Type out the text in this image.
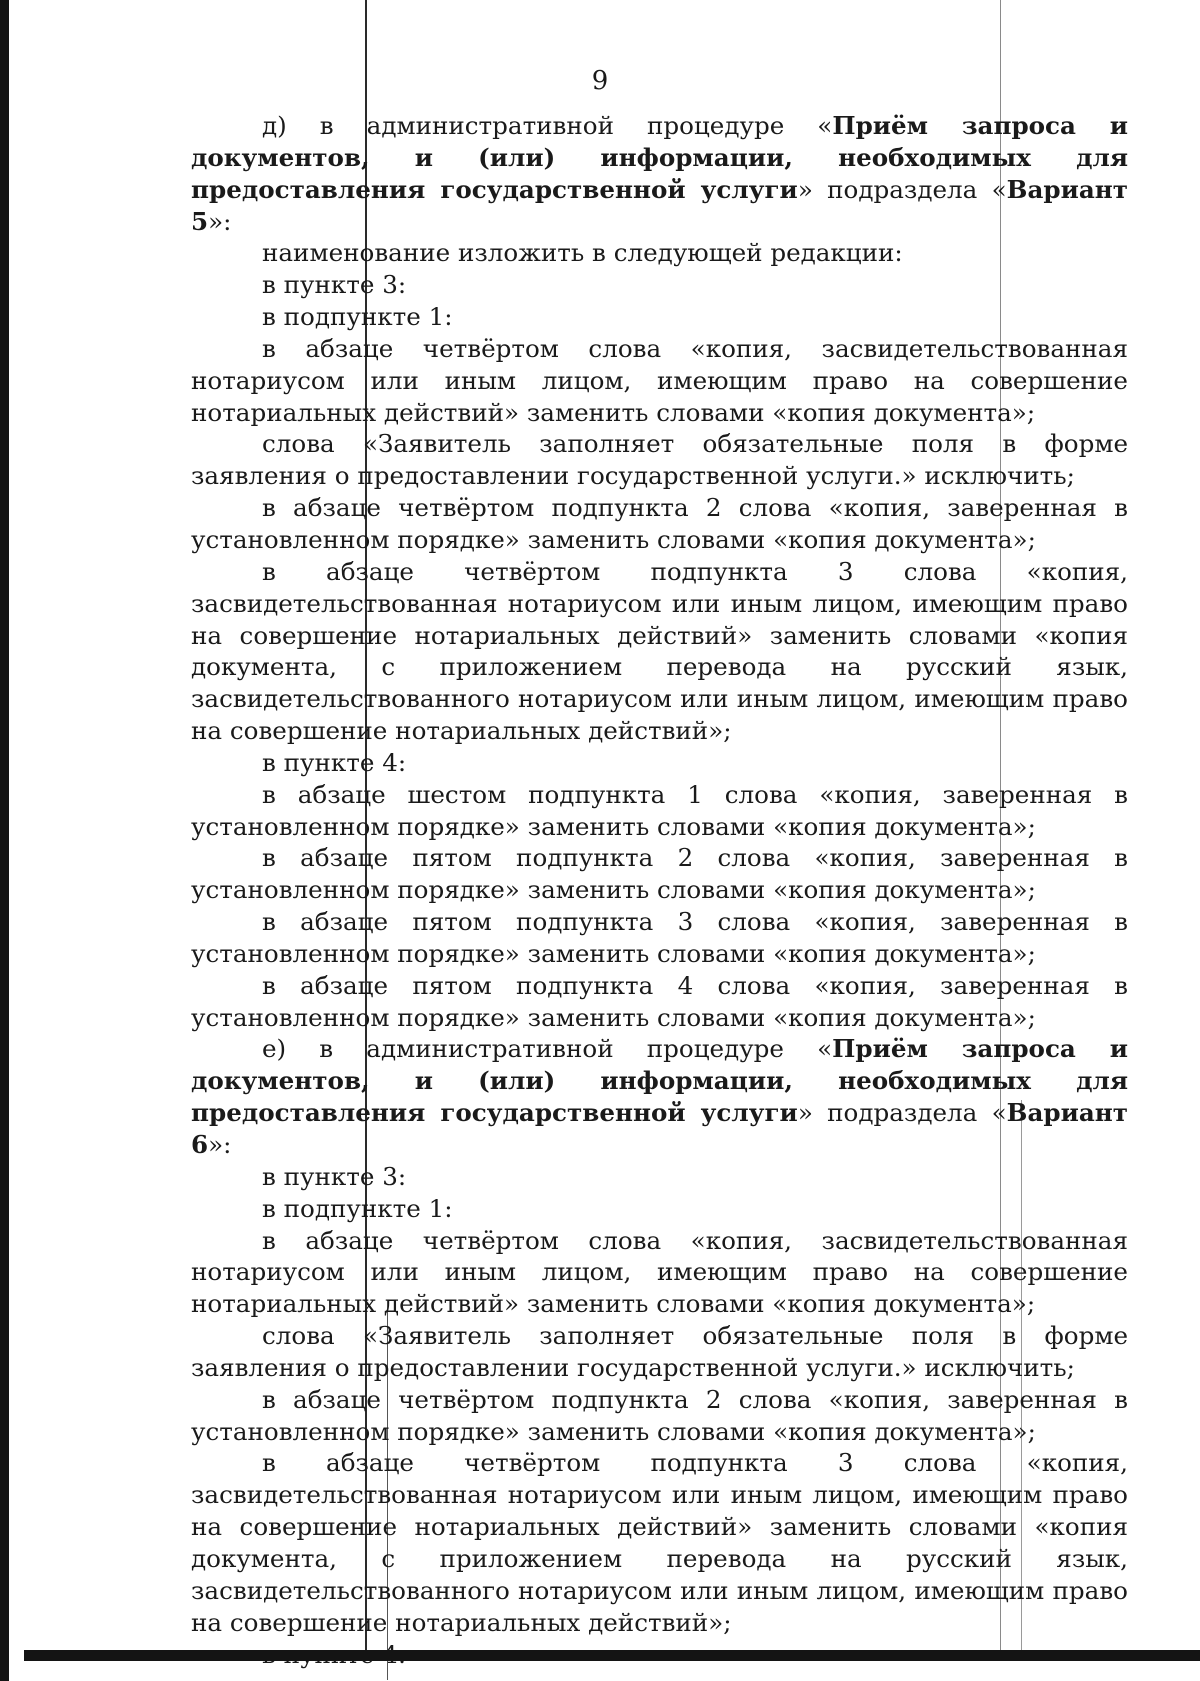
9

д) в административной процедуре «Приём запроса и документов, и (или) информации, необходимых для предоставления государственной услуги» подраздела «Вариант 5»:

наименование изложить в следующей редакции:

в пункте 3:

в подпункте 1:

в абзаце четвёртом слова «копия, засвидетельствованная нотариусом или иным лицом, имеющим право на совершение нотариальных действий» заменить словами «копия документа»;

слова «Заявитель заполняет обязательные поля в форме заявления о предоставлении государственной услуги.» исключить;

в абзаце четвёртом подпункта 2 слова «копия, заверенная в установленном порядке» заменить словами «копия документа»;

в абзаце четвёртом подпункта 3 слова «копия, засвидетельствованная нотариусом или иным лицом, имеющим право на совершение нотариальных действий» заменить словами «копия документа, с приложением перевода на русский язык, засвидетельствованного нотариусом или иным лицом, имеющим право на совершение нотариальных действий»;

в пункте 4:

в абзаце шестом подпункта 1 слова «копия, заверенная в установленном порядке» заменить словами «копия документа»;

в абзаце пятом подпункта 2 слова «копия, заверенная в установленном порядке» заменить словами «копия документа»;

в абзаце пятом подпункта 3 слова «копия, заверенная в установленном порядке» заменить словами «копия документа»;

в абзаце пятом подпункта 4 слова «копия, заверенная в установленном порядке» заменить словами «копия документа»;

е) в административной процедуре «Приём запроса и документов, и (или) информации, необходимых для предоставления государственной услуги» подраздела «Вариант 6»:

в пункте 3:

в подпункте 1:

в абзаце четвёртом слова «копия, засвидетельствованная нотариусом или иным лицом, имеющим право на совершение нотариальных действий» заменить словами «копия документа»;

слова «Заявитель заполняет обязательные поля в форме заявления о предоставлении государственной услуги.» исключить;

в абзаце четвёртом подпункта 2 слова «копия, заверенная в установленном порядке» заменить словами «копия документа»;

в абзаце четвёртом подпункта 3 слова «копия, засвидетельствованная нотариусом или иным лицом, имеющим право на совершение нотариальных действий» заменить словами «копия документа, с приложением перевода на русский язык, засвидетельствованного нотариусом или иным лицом, имеющим право на совершение нотариальных действий»;
